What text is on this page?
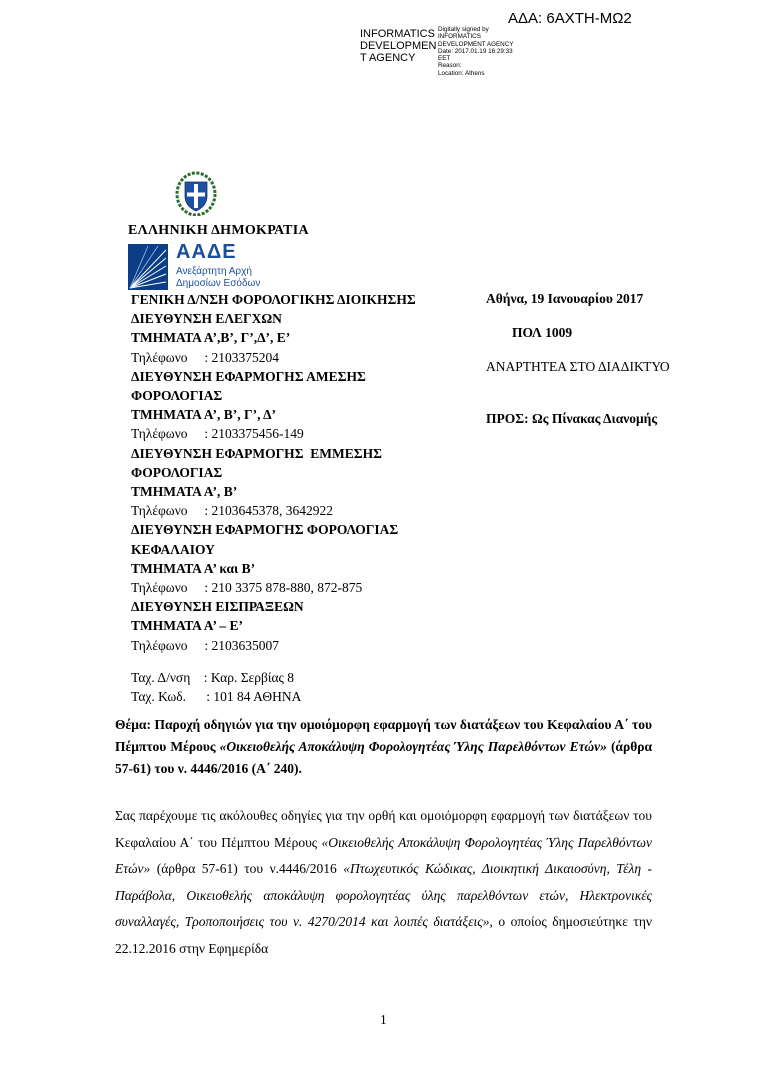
ΑΔΑ: 6ΑΧΤΗ-ΜΩ2
INFORMATICS
DEVELOPMEN
T AGENCY
Digitally signed by
INFORMATICS
DEVELOPMENT AGENCY
Date: 2017.01.19 16:29:33
EET
Reason:
Location: Athens
ΕΛΛΗΝΙΚΗ ΔΗΜΟΚΡΑΤΙΑ
ΑΑΔΕ
Ανεξάρτητη Αρχή
Δημοσίων Εσόδων
ΓΕΝΙΚΗ Δ/ΝΣΗ ΦΟΡΟΛΟΓΙΚΗΣ ΔΙΟΙΚΗΣΗΣ
ΔΙΕΥΘΥΝΣΗ ΕΛΕΓΧΩΝ
ΤΜΗΜΑΤΑ Α’,Β’, Γ’,Δ’, Ε’
Τηλέφωνο     : 2103375204
ΔΙΕΥΘΥΝΣΗ ΕΦΑΡΜΟΓΗΣ ΑΜΕΣΗΣ
ΦΟΡΟΛΟΓΙΑΣ
ΤΜΗΜΑΤΑ Α’, Β’, Γ’, Δ’
Τηλέφωνο     : 2103375456-149
ΔΙΕΥΘΥΝΣΗ ΕΦΑΡΜΟΓΗΣ  ΕΜΜΕΣΗΣ
ΦΟΡΟΛΟΓΙΑΣ
ΤΜΗΜΑΤΑ Α’, Β’
Τηλέφωνο     : 2103645378, 3642922
ΔΙΕΥΘΥΝΣΗ ΕΦΑΡΜΟΓΗΣ ΦΟΡΟΛΟΓΙΑΣ
ΚΕΦΑΛΑΙΟΥ
ΤΜΗΜΑΤΑ Α’ και Β’
Τηλέφωνο     : 210 3375 878-880, 872-875
ΔΙΕΥΘΥΝΣΗ ΕΙΣΠΡΑΞΕΩΝ
ΤΜΗΜΑΤΑ Α’ – Ε’
Τηλέφωνο     : 2103635007
Ταχ. Δ/νση    : Καρ. Σερβίας 8
Ταχ. Κωδ.      : 101 84 ΑΘΗΝΑ
Αθήνα, 19 Ιανουαρίου 2017
ΠΟΛ 1009
ΑΝΑΡΤΗΤΕΑ ΣΤΟ ΔΙΑΔΙΚΤΥΟ
ΠΡΟΣ: Ως Πίνακας Διανομής
Θέμα: Παροχή οδηγιών για την ομοιόμορφη εφαρμογή των διατάξεων του Κεφαλαίου Α΄ του Πέμπτου Μέρους «Οικειοθελής Αποκάλυψη Φορολογητέας Ύλης Παρελθόντων Ετών» (άρθρα 57-61) του ν. 4446/2016 (Α΄ 240).
Σας παρέχουμε τις ακόλουθες οδηγίες για την ορθή και ομοιόμορφη εφαρμογή των διατάξεων του Κεφαλαίου Α΄ του Πέμπτου Μέρους «Οικειοθελής Αποκάλυψη Φορολογητέας Ύλης Παρελθόντων Ετών» (άρθρα 57-61) του ν.4446/2016 «Πτωχευτικός Κώδικας, Διοικητική Δικαιοσύνη, Τέλη - Παράβολα, Οικειοθελής αποκάλυψη φορολογητέας ύλης παρελθόντων ετών, Ηλεκτρονικές συναλλαγές, Τροποποιήσεις του ν. 4270/2014 και λοιπές διατάξεις», ο οποίος δημοσιεύτηκε την 22.12.2016 στην Εφημερίδα
1
